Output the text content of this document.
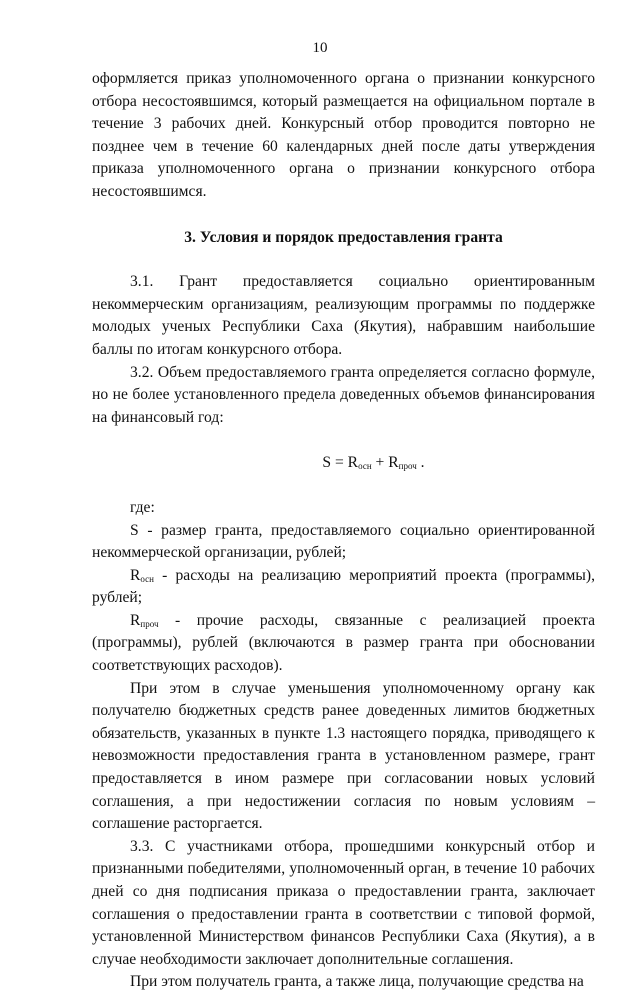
10

оформляется приказ уполномоченного органа о признании конкурсного отбора несостоявшимся, который размещается на официальном портале в течение 3 рабочих дней. Конкурсный отбор проводится повторно не позднее чем в течение 60 календарных дней после даты утверждения приказа уполномоченного органа о признании конкурсного отбора несостоявшимся.

3. Условия и порядок предоставления гранта

3.1. Грант предоставляется социально ориентированным некоммерческим организациям, реализующим программы по поддержке молодых ученых Республики Саха (Якутия), набравшим наибольшие баллы по итогам конкурсного отбора.

3.2. Объем предоставляемого гранта определяется согласно формуле, но не более установленного предела доведенных объемов финансирования на финансовый год:

$S = R_{осн} + R_{проч}$ .

где:

S - размер гранта, предоставляемого социально ориентированной некоммерческой организации, рублей;

$R_{осн}$ - расходы на реализацию мероприятий проекта (программы), рублей;

$R_{проч}$ - прочие расходы, связанные с реализацией проекта (программы), рублей (включаются в размер гранта при обосновании соответствующих расходов).

При этом в случае уменьшения уполномоченному органу как получателю бюджетных средств ранее доведенных лимитов бюджетных обязательств, указанных в пункте 1.3 настоящего порядка, приводящего к невозможности предоставления гранта в установленном размере, грант предоставляется в ином размере при согласовании новых условий соглашения, а при недостижении согласия по новым условиям – соглашение расторгается.

3.3. С участниками отбора, прошедшими конкурсный отбор и признанными победителями, уполномоченный орган, в течение 10 рабочих дней со дня подписания приказа о предоставлении гранта, заключает соглашения о предоставлении гранта в соответствии с типовой формой, установленной Министерством финансов Республики Саха (Якутия), а в случае необходимости заключает дополнительные соглашения.

При этом получатель гранта, а также лица, получающие средства на
